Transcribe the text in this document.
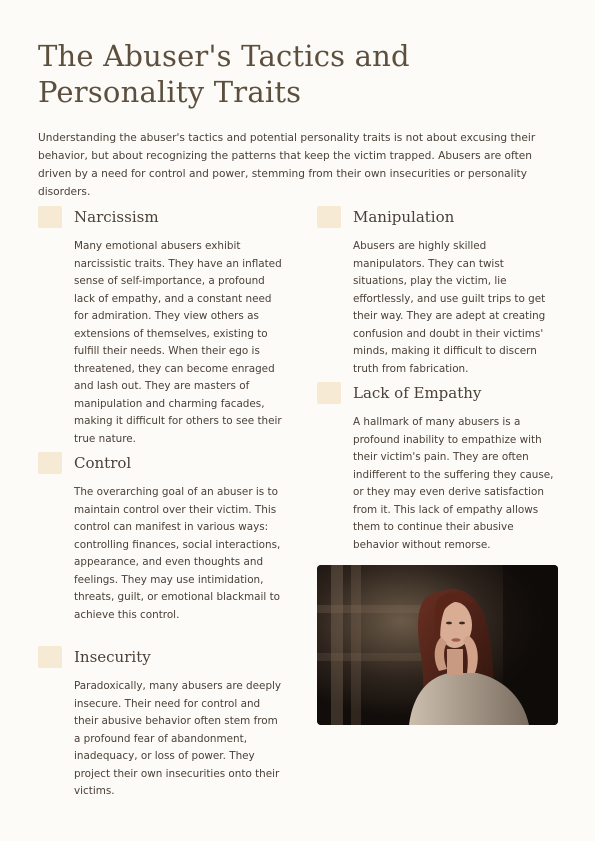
The Abuser's Tactics and Personality Traits

Understanding the abuser's tactics and potential personality traits is not about excusing their behavior, but about recognizing the patterns that keep the victim trapped. Abusers are often driven by a need for control and power, stemming from their own insecurities or personality disorders.

Narcissism
Many emotional abusers exhibit narcissistic traits. They have an inflated sense of self-importance, a profound lack of empathy, and a constant need for admiration. They view others as extensions of themselves, existing to fulfill their needs. When their ego is threatened, they can become enraged and lash out. They are masters of manipulation and charming facades, making it difficult for others to see their true nature.
Control
The overarching goal of an abuser is to maintain control over their victim. This control can manifest in various ways: controlling finances, social interactions, appearance, and even thoughts and feelings. They may use intimidation, threats, guilt, or emotional blackmail to achieve this control.
Insecurity
Paradoxically, many abusers are deeply insecure. Their need for control and their abusive behavior often stem from a profound fear of abandonment, inadequacy, or loss of power. They project their own insecurities onto their victims.
Manipulation
Abusers are highly skilled manipulators. They can twist situations, play the victim, lie effortlessly, and use guilt trips to get their way. They are adept at creating confusion and doubt in their victims' minds, making it difficult to discern truth from fabrication.
Lack of Empathy
A hallmark of many abusers is a profound inability to empathize with their victim's pain. They are often indifferent to the suffering they cause, or they may even derive satisfaction from it. This lack of empathy allows them to continue their abusive behavior without remorse.
